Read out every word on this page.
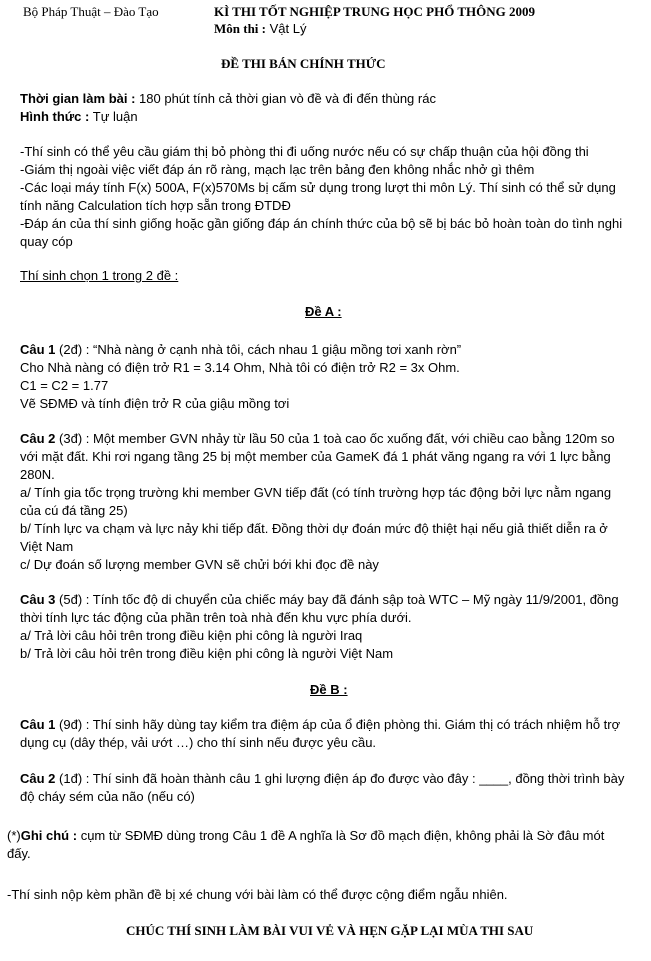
Bộ Pháp Thuật – Đào Tạo	KÌ THI TỐT NGHIỆP TRUNG HỌC PHỔ THÔNG 2009
Môn thi : Vật Lý
ĐỀ THI BÁN CHÍNH THỨC
Thời gian làm bài : 180 phút tính cả thời gian vò đề và đi đến thùng rác
Hình thức : Tự luận
-Thí sinh có thể yêu cầu giám thị bỏ phòng thi đi uống nước nếu có sự chấp thuận của hội đồng thi
-Giám thị ngoài việc viết đáp án rõ ràng, mạch lạc trên bảng đen không nhắc nhở gì thêm
-Các loại máy tính F(x) 500A, F(x)570Ms bị cấm sử dụng trong lượt thi môn Lý. Thí sinh có thể sử dụng
tính năng Calculation tích hợp sẵn trong ĐTDĐ
-Đáp án của thí sinh giống hoặc gần giống đáp án chính thức của bộ sẽ bị bác bỏ hoàn toàn do tình nghi
quay cóp
Thí sinh chọn 1 trong 2 đề :
Đề A :
Câu 1 (2đ) : “Nhà nàng ở cạnh nhà tôi, cách nhau 1 giậu mồng tơi xanh rờn”
Cho Nhà nàng có điện trở R1 = 3.14 Ohm, Nhà tôi có điện trở R2 = 3x Ohm.
C1 = C2 = 1.77
Vẽ SĐMĐ và tính điện trở R của giậu mồng tơi
Câu 2 (3đ) : Một member GVN nhảy từ lầu 50 của 1 toà cao ốc xuống đất, với chiều cao bằng 120m so
với mặt đất. Khi rơi ngang tầng 25 bị một member của GameK đá 1 phát văng ngang ra với 1 lực bằng
280N.
a/ Tính gia tốc trọng trường khi member GVN tiếp đất (có tính trường hợp tác động bởi lực nằm ngang
của cú đá tầng 25)
b/ Tính lực va chạm và lực nảy khi tiếp đất. Đồng thời dự đoán mức độ thiệt hại nếu giả thiết diễn ra ở
Việt Nam
c/ Dự đoán số lượng member GVN sẽ chửi bới khi đọc đề này
Câu 3 (5đ) : Tính tốc độ di chuyển của chiếc máy bay đã đánh sập toà WTC – Mỹ ngày 11/9/2001, đồng
thời tính lực tác động của phần trên toà nhà đến khu vực phía dưới.
a/ Trả lời câu hỏi trên trong điều kiện phi công là người Iraq
b/ Trả lời câu hỏi trên trong điều kiện phi công là người Việt Nam
Đề B :
Câu 1 (9đ) : Thí sinh hãy dùng tay kiểm tra điệm áp của ổ điện phòng thi. Giám thị có trách nhiệm hỗ trợ
dụng cụ (dây thép, vải ướt …) cho thí sinh nếu được yêu cầu.
Câu 2 (1đ) : Thí sinh đã hoàn thành câu 1 ghi lượng điện áp đo được vào đây : ____, đồng thời trình bày
độ cháy sém của não (nếu có)
(*)Ghi chú : cụm từ SĐMĐ dùng trong Câu 1 đề A nghĩa là Sơ đồ mạch điện, không phải là Sờ đâu mót
đấy.
-Thí sinh nộp kèm phần đề bị xé chung với bài làm có thể được cộng điểm ngẫu nhiên.
CHÚC THÍ SINH LÀM BÀI VUI VẺ VÀ HẸN GẶP LẠI MÙA THI SAU
